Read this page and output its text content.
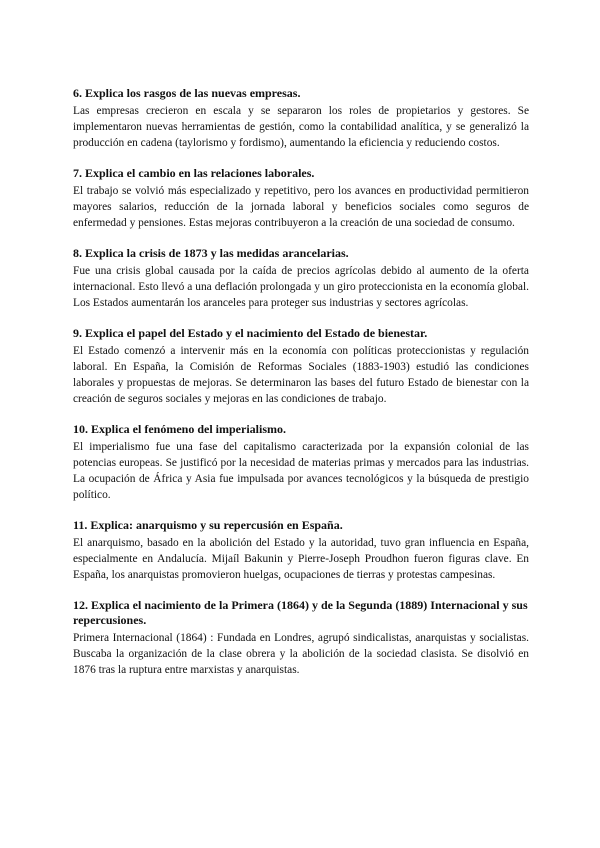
6. Explica los rasgos de las nuevas empresas.

Las empresas crecieron en escala y se separaron los roles de propietarios y gestores. Se implementaron nuevas herramientas de gestión, como la contabilidad analítica, y se generalizó la producción en cadena (taylorismo y fordismo), aumentando la eficiencia y reduciendo costos.

7. Explica el cambio en las relaciones laborales.

El trabajo se volvió más especializado y repetitivo, pero los avances en productividad permitieron mayores salarios, reducción de la jornada laboral y beneficios sociales como seguros de enfermedad y pensiones. Estas mejoras contribuyeron a la creación de una sociedad de consumo.

8. Explica la crisis de 1873 y las medidas arancelarias.

Fue una crisis global causada por la caída de precios agrícolas debido al aumento de la oferta internacional. Esto llevó a una deflación prolongada y un giro proteccionista en la economía global. Los Estados aumentarán los aranceles para proteger sus industrias y sectores agrícolas.

9. Explica el papel del Estado y el nacimiento del Estado de bienestar.

El Estado comenzó a intervenir más en la economía con políticas proteccionistas y regulación laboral. En España, la Comisión de Reformas Sociales (1883-1903) estudió las condiciones laborales y propuestas de mejoras. Se determinaron las bases del futuro Estado de bienestar con la creación de seguros sociales y mejoras en las condiciones de trabajo.

10. Explica el fenómeno del imperialismo.

El imperialismo fue una fase del capitalismo caracterizada por la expansión colonial de las potencias europeas. Se justificó por la necesidad de materias primas y mercados para las industrias. La ocupación de África y Asia fue impulsada por avances tecnológicos y la búsqueda de prestigio político.

11. Explica: anarquismo y su repercusión en España.

El anarquismo, basado en la abolición del Estado y la autoridad, tuvo gran influencia en España, especialmente en Andalucía. Mijaíl Bakunin y Pierre-Joseph Proudhon fueron figuras clave. En España, los anarquistas promovieron huelgas, ocupaciones de tierras y protestas campesinas.

12. Explica el nacimiento de la Primera (1864) y de la Segunda (1889) Internacional y sus repercusiones.

Primera Internacional (1864) : Fundada en Londres, agrupó sindicalistas, anarquistas y socialistas. Buscaba la organización de la clase obrera y la abolición de la sociedad clasista. Se disolvió en 1876 tras la ruptura entre marxistas y anarquistas.
